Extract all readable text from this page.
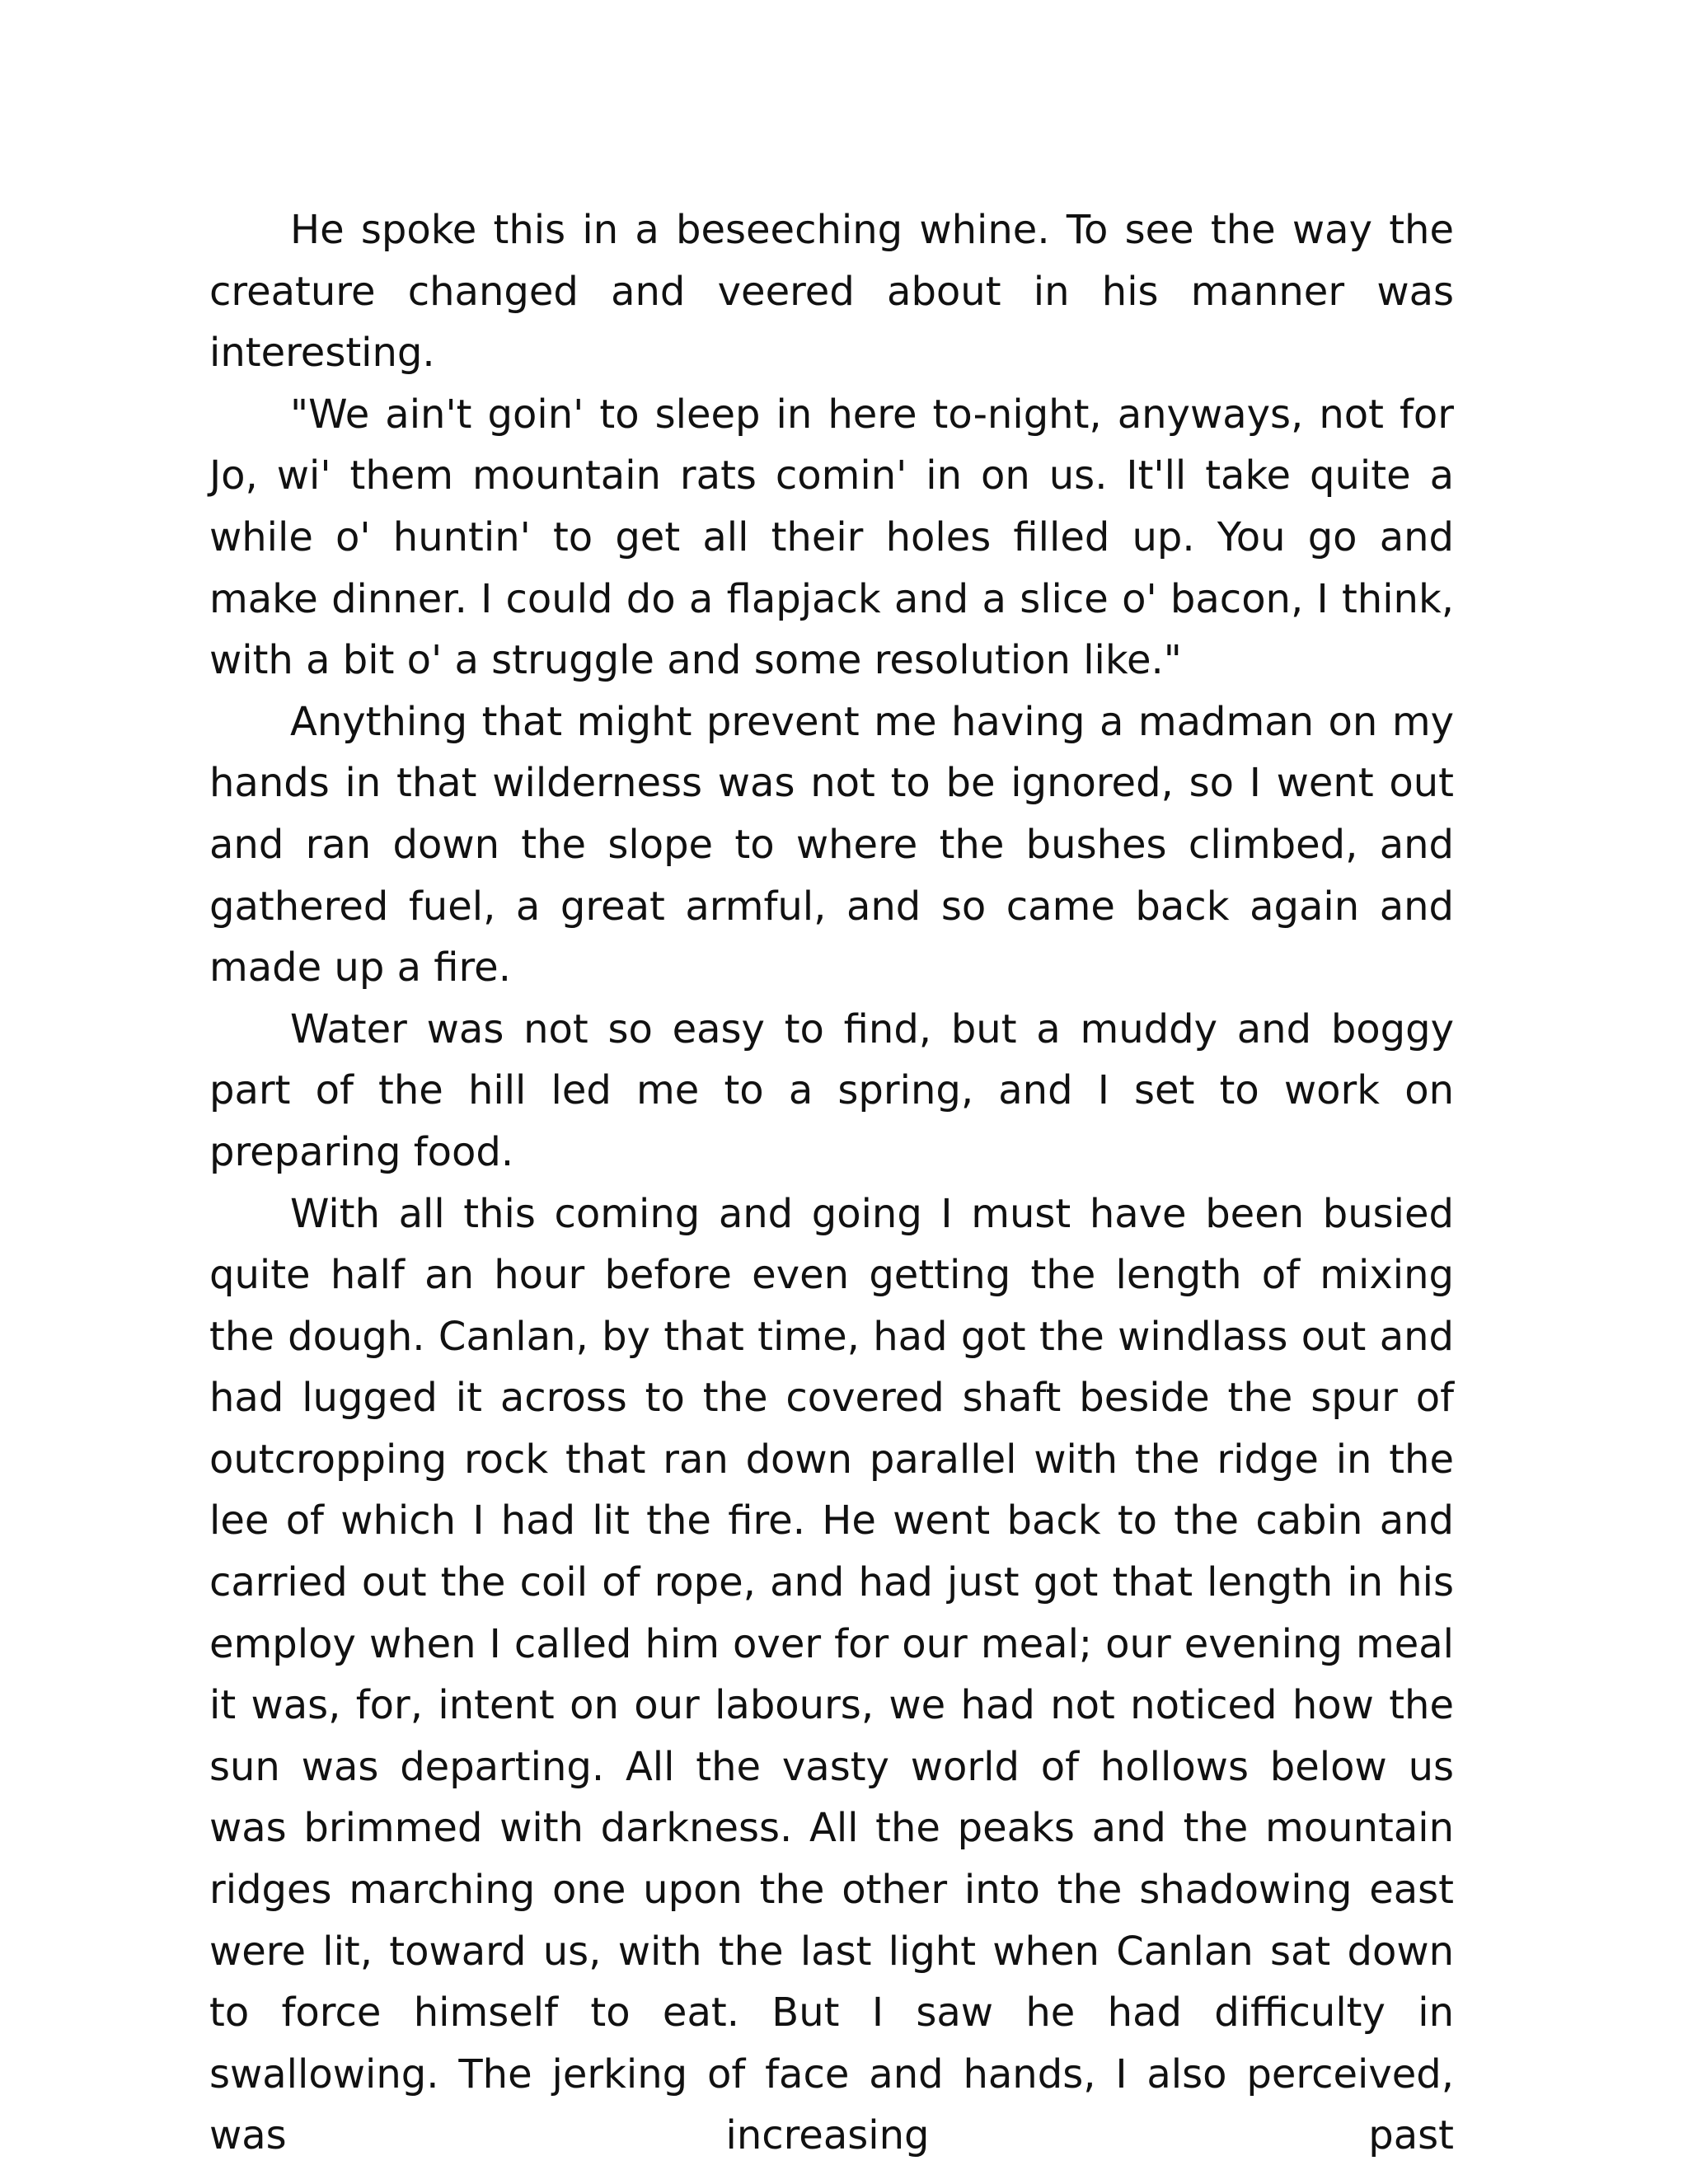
He spoke this in a beseeching whine. To see the way the creature changed and veered about in his manner was interesting.

"We ain't goin' to sleep in here to-night, anyways, not for Jo, wi' them mountain rats comin' in on us. It'll take quite a while o' huntin' to get all their holes filled up. You go and make dinner. I could do a flapjack and a slice o' bacon, I think, with a bit o' a struggle and some resolution like."

Anything that might prevent me having a madman on my hands in that wilderness was not to be ignored, so I went out and ran down the slope to where the bushes climbed, and gathered fuel, a great armful, and so came back again and made up a fire.

Water was not so easy to find, but a muddy and boggy part of the hill led me to a spring, and I set to work on preparing food.

With all this coming and going I must have been busied quite half an hour before even getting the length of mixing the dough. Canlan, by that time, had got the windlass out and had lugged it across to the covered shaft beside the spur of outcropping rock that ran down parallel with the ridge in the lee of which I had lit the fire. He went back to the cabin and carried out the coil of rope, and had just got that length in his employ when I called him over for our meal; our evening meal it was, for, intent on our labours, we had not noticed how the sun was departing. All the vasty world of hollows below us was brimmed with darkness. All the peaks and the mountain ridges marching one upon the other into the shadowing east were lit, toward us, with the last light when Canlan sat down to force himself to eat. But I saw he had difficulty in swallowing. The jerking of face and hands, I also perceived, was increasing past
